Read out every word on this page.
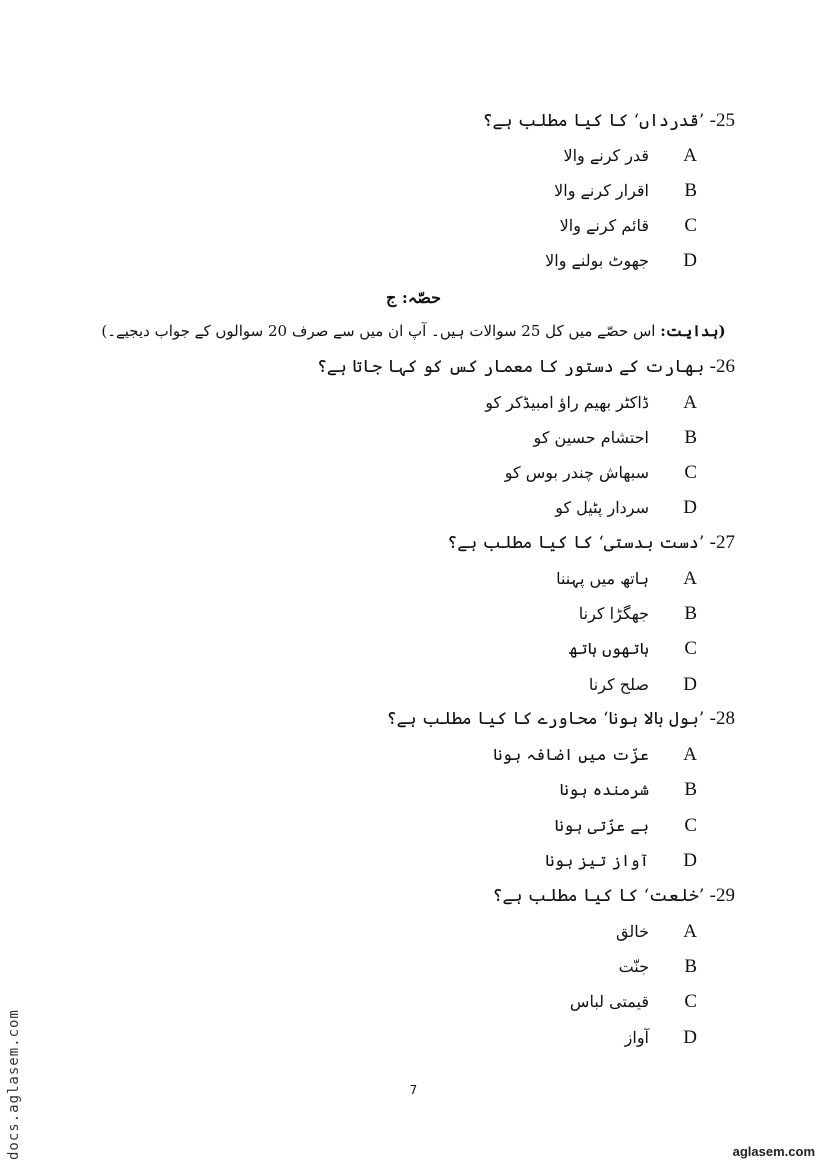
25- ’قدرداں‘ کا کیا مطلب ہے؟
Aقدر کرنے والا
Bاقرار کرنے والا
Cقائم کرنے والا
Dجھوٹ بولنے والا
حصّہ: ج
(ہدایت: اس حصّے میں کل 25 سوالات ہیں۔ آپ ان میں سے صرف 20 سوالوں کے جواب دیجیے۔)
26- بھارت کے دستور کا معمار کس کو کہا جاتا ہے؟
Aڈاکٹر بھیم راؤ امبیڈکر کو
Bاحتشام حسین کو
Cسبھاش چندر بوس کو
Dسردار پٹیل کو
27- ’دست بدستی‘ کا کیا مطلب ہے؟
Aہاتھ میں پہننا
Bجھگڑا کرنا
Cہاتھوں ہاتھ
Dصلح کرنا
28- ’بول بالا ہونا‘ محاورے کا کیا مطلب ہے؟
Aعزّت میں اضافہ ہونا
Bشرمندہ ہونا
Cبے عزّتی ہونا
Dآواز تیز ہونا
29- ’خلعت‘ کا کیا مطلب ہے؟
Aخالق
Bجنّت
Cقیمتی لباس
Dآواز
7
docs.aglasem.com	aglasem.com
